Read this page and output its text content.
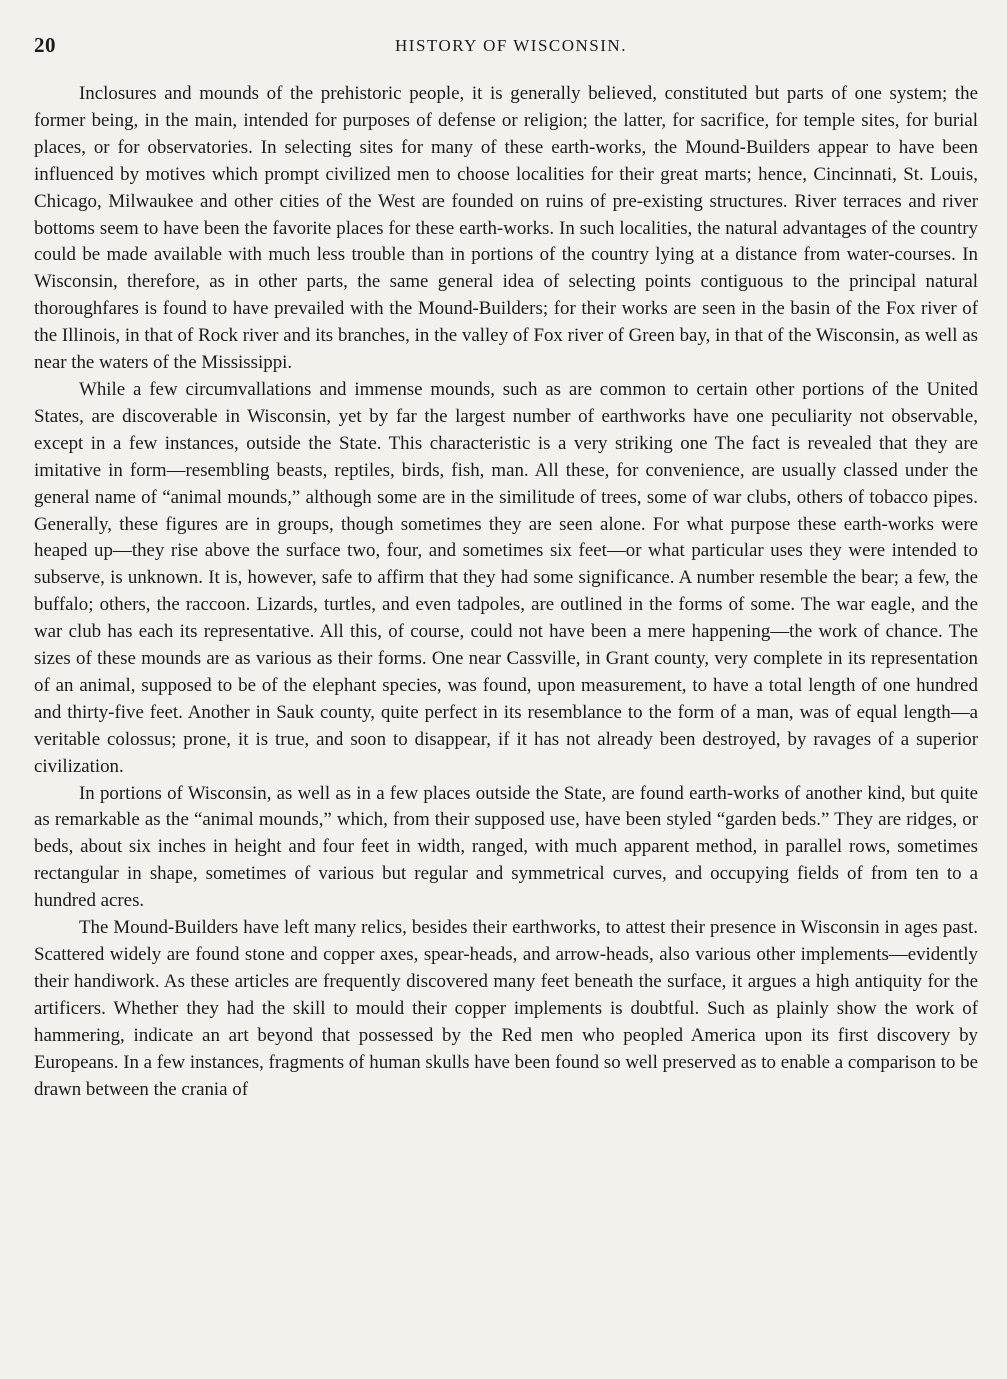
20	HISTORY OF WISCONSIN.

Inclosures and mounds of the prehistoric people, it is generally believed, constituted but parts of one system; the former being, in the main, intended for purposes of defense or religion; the latter, for sacrifice, for temple sites, for burial places, or for observatories. In selecting sites for many of these earth-works, the Mound-Builders appear to have been influenced by motives which prompt civilized men to choose localities for their great marts; hence, Cincinnati, St. Louis, Chicago, Milwaukee and other cities of the West are founded on ruins of pre-existing structures. River terraces and river bottoms seem to have been the favorite places for these earth-works. In such localities, the natural advantages of the country could be made available with much less trouble than in portions of the country lying at a distance from water-courses. In Wisconsin, therefore, as in other parts, the same general idea of selecting points contiguous to the principal natural thoroughfares is found to have prevailed with the Mound-Builders; for their works are seen in the basin of the Fox river of the Illinois, in that of Rock river and its branches, in the valley of Fox river of Green bay, in that of the Wisconsin, as well as near the waters of the Mississippi.

While a few circumvallations and immense mounds, such as are common to certain other portions of the United States, are discoverable in Wisconsin, yet by far the largest number of earthworks have one peculiarity not observable, except in a few instances, outside the State. This characteristic is a very striking one The fact is revealed that they are imitative in form—resembling beasts, reptiles, birds, fish, man. All these, for convenience, are usually classed under the general name of “animal mounds,” although some are in the similitude of trees, some of war clubs, others of tobacco pipes. Generally, these figures are in groups, though sometimes they are seen alone. For what purpose these earth-works were heaped up—they rise above the surface two, four, and sometimes six feet—or what particular uses they were intended to subserve, is unknown. It is, however, safe to affirm that they had some significance. A number resemble the bear; a few, the buffalo; others, the raccoon. Lizards, turtles, and even tadpoles, are outlined in the forms of some. The war eagle, and the war club has each its representative. All this, of course, could not have been a mere happening—the work of chance. The sizes of these mounds are as various as their forms. One near Cassville, in Grant county, very complete in its representation of an animal, supposed to be of the elephant species, was found, upon measurement, to have a total length of one hundred and thirty-five feet. Another in Sauk county, quite perfect in its resemblance to the form of a man, was of equal length—a veritable colossus; prone, it is true, and soon to disappear, if it has not already been destroyed, by ravages of a superior civilization.

In portions of Wisconsin, as well as in a few places outside the State, are found earth-works of another kind, but quite as remarkable as the “animal mounds,” which, from their supposed use, have been styled “garden beds.” They are ridges, or beds, about six inches in height and four feet in width, ranged, with much apparent method, in parallel rows, sometimes rectangular in shape, sometimes of various but regular and symmetrical curves, and occupying fields of from ten to a hundred acres.

The Mound-Builders have left many relics, besides their earthworks, to attest their presence in Wisconsin in ages past. Scattered widely are found stone and copper axes, spear-heads, and arrow-heads, also various other implements—evidently their handiwork. As these articles are frequently discovered many feet beneath the surface, it argues a high antiquity for the artificers. Whether they had the skill to mould their copper implements is doubtful. Such as plainly show the work of hammering, indicate an art beyond that possessed by the Red men who peopled America upon its first discovery by Europeans. In a few instances, fragments of human skulls have been found so well preserved as to enable a comparison to be drawn between the crania of
